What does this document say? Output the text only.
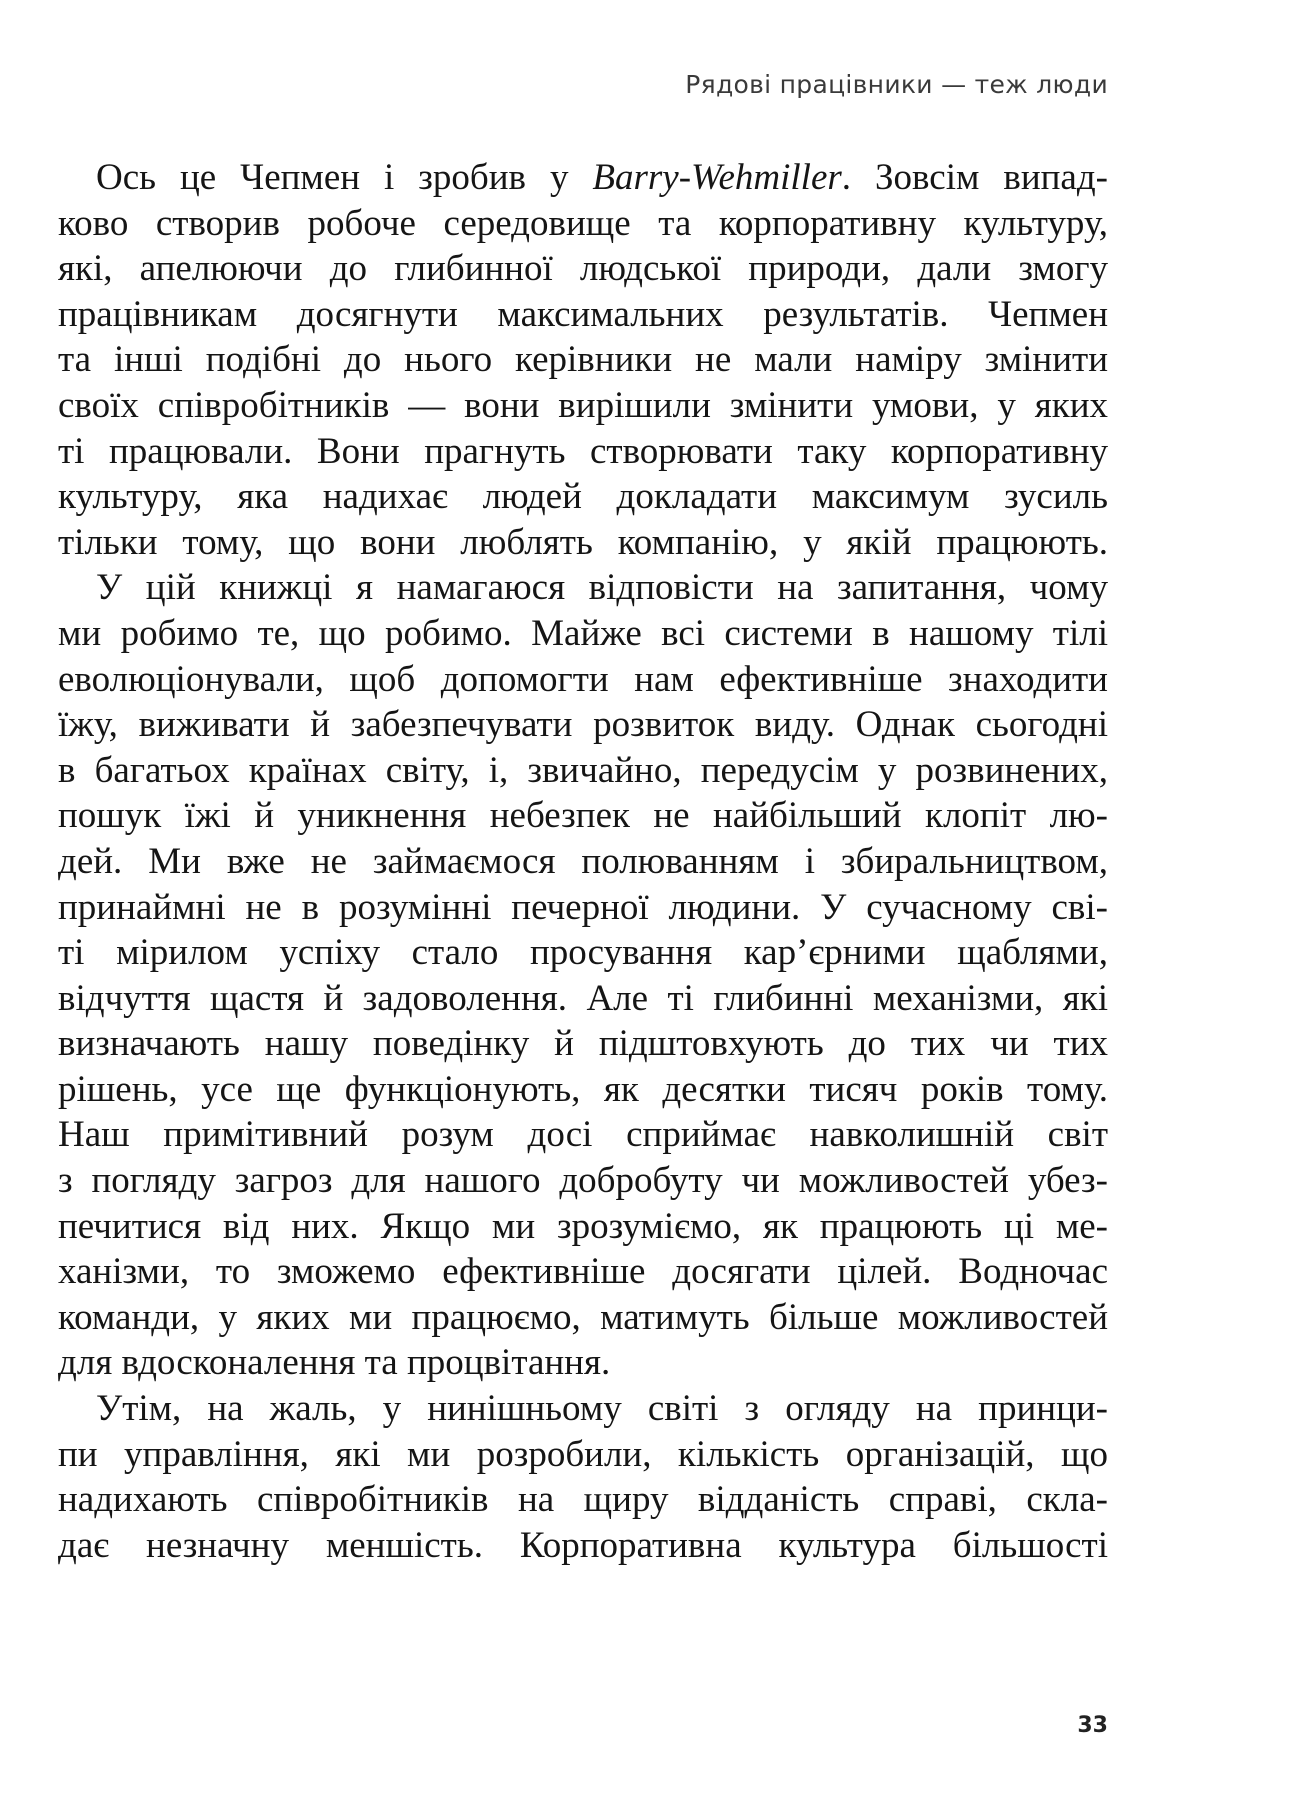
Рядові працівники — теж люди
Ось це Чепмен і зробив у Barry-Wehmiller. Зовсім випад-
ково створив робоче середовище та корпоративну культуру,
які, апелюючи до глибинної людської природи, дали змогу
працівникам досягнути максимальних результатів. Чепмен
та інші подібні до нього керівники не мали наміру змінити
своїх співробітників — вони вирішили змінити умови, у яких
ті працювали. Вони прагнуть створювати таку корпоративну
культуру, яка надихає людей докладати максимум зусиль
тільки тому, що вони люблять компанію, у якій працюють.
У цій книжці я намагаюся відповісти на запитання, чому
ми робимо те, що робимо. Майже всі системи в нашому тілі
еволюціонували, щоб допомогти нам ефективніше знаходити
їжу, виживати й забезпечувати розвиток виду. Однак сьогодні
в багатьох країнах світу, і, звичайно, передусім у розвинених,
пошук їжі й уникнення небезпек не найбільший клопіт лю-
дей. Ми вже не займаємося полюванням і збиральництвом,
принаймні не в розумінні печерної людини. У сучасному сві-
ті мірилом успіху стало просування кар’єрними щаблями,
відчуття щастя й задоволення. Але ті глибинні механізми, які
визначають нашу поведінку й підштовхують до тих чи тих
рішень, усе ще функціонують, як десятки тисяч років тому.
Наш примітивний розум досі сприймає навколишній світ
з погляду загроз для нашого добробуту чи можливостей убез-
печитися від них. Якщо ми зрозуміємо, як працюють ці ме-
ханізми, то зможемо ефективніше досягати цілей. Водночас
команди, у яких ми працюємо, матимуть більше можливостей
для вдосконалення та процвітання.
Утім, на жаль, у нинішньому світі з огляду на принци-
пи управління, які ми розробили, кількість організацій, що
надихають співробітників на щиру відданість справі, скла-
дає незначну меншість. Корпоративна культура більшості
33
